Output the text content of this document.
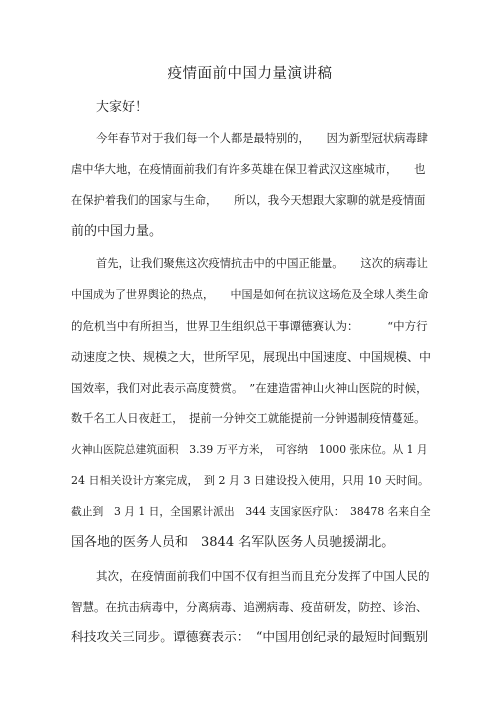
疫情面前中国力量演讲稿
大家好！
今年春节对于我们每一个人都是最特别的，　　因为新型冠状病毒肆
虐中华大地，在疫情面前我们有许多英雄在保卫着武汉这座城市，　　也
在保护着我们的国家与生命，　　所以，我今天想跟大家聊的就是疫情面
前的中国力量。
首先，让我们聚焦这次疫情抗击中的中国正能量。　　这次的病毒让
中国成为了世界舆论的热点，　　中国是如何在抗议这场危及全球人类生命
的危机当中有所担当，世界卫生组织总干事谭德赛认为：　　　“中方行
动速度之快、规模之大，世所罕见，展现出中国速度、中国规模、中
国效率，我们对此表示高度赞赏。　”在建造雷神山火神山医院的时候，
数千名工人日夜赶工，　提前一分钟交工就能提前一分钟遏制疫情蔓延。
火神山医院总建筑面积　3.39 万平方米，　可容纳　1000 张床位。从 1 月
24 日相关设计方案完成，　到 2 月 3 日建设投入使用，只用 10 天时间。
截止到　3 月 1 日，全国累计派出　344 支国家医疗队：　38478 名来自全
国各地的医务人员和　3844 名军队医务人员驰援湖北。
其次，在疫情面前我们中国不仅有担当而且充分发挥了中国人民的
智慧。在抗击病毒中，分离病毒、追溯病毒、疫苗研发，防控、诊治、
科技攻关三同步。谭德赛表示：　“中国用创纪录的最短时间甄别
